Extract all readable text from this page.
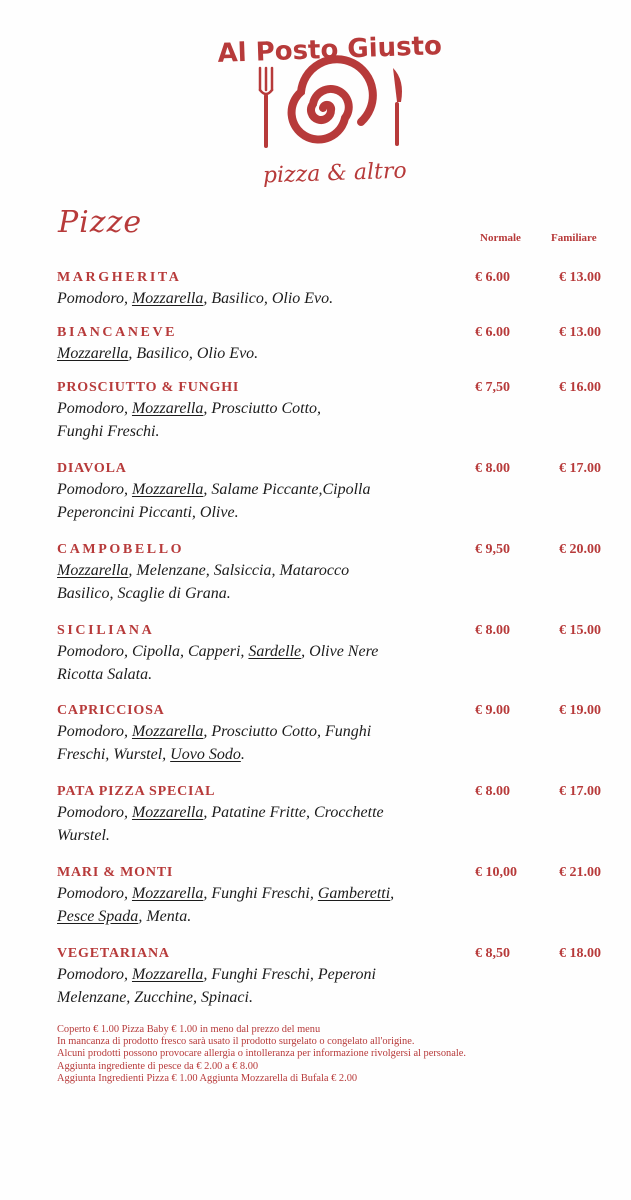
Al Posto Giusto
pizza & altro
Pizze	Normale	Familiare
MARGHERITA	€ 6.00	€ 13.00
Pomodoro, Mozzarella, Basilico, Olio Evo.
BIANCANEVE	€ 6.00	€ 13.00
Mozzarella, Basilico, Olio Evo.
PROSCIUTTO & FUNGHI	€ 7,50	€ 16.00
Pomodoro, Mozzarella, Prosciutto Cotto,
Funghi Freschi.
DIAVOLA	€ 8.00	€ 17.00
Pomodoro, Mozzarella, Salame Piccante,Cipolla
Peperoncini Piccanti, Olive.
CAMPOBELLO	€ 9,50	€ 20.00
Mozzarella, Melenzane, Salsiccia, Matarocco
Basilico, Scaglie di Grana.
SICILIANA	€ 8.00	€ 15.00
Pomodoro, Cipolla, Capperi, Sardelle, Olive Nere
Ricotta Salata.
CAPRICCIOSA	€ 9.00	€ 19.00
Pomodoro, Mozzarella, Prosciutto Cotto, Funghi
Freschi, Wurstel, Uovo Sodo.
PATA PIZZA SPECIAL	€ 8.00	€ 17.00
Pomodoro, Mozzarella, Patatine Fritte, Crocchette
Wurstel.
MARI & MONTI	€ 10,00	€ 21.00
Pomodoro, Mozzarella, Funghi Freschi, Gamberetti,
Pesce Spada, Menta.
VEGETARIANA	€ 8,50	€ 18.00
Pomodoro, Mozzarella, Funghi Freschi, Peperoni
Melenzane, Zucchine, Spinaci.
Coperto € 1.00 Pizza Baby € 1.00 in meno dal prezzo del menu
In mancanza di prodotto fresco sarà usato il prodotto surgelato o congelato all'origine.
Alcuni prodotti possono provocare allergia o intolleranza per informazione rivolgersi al personale.
Aggiunta ingrediente di pesce da € 2.00 a € 8.00
Aggiunta Ingredienti Pizza € 1.00 Aggiunta Mozzarella di Bufala € 2.00
